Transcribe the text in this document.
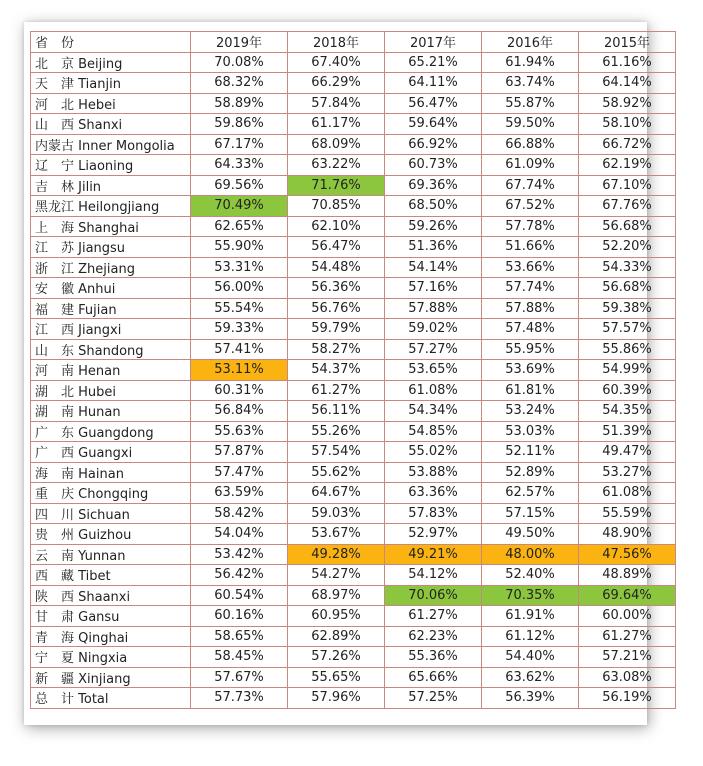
省　份	2019年	2018年	2017年	2016年	2015年
北　京 Beijing	70.08%	67.40%	65.21%	61.94%	61.16%
天　津 Tianjin	68.32%	66.29%	64.11%	63.74%	64.14%
河　北 Hebei	58.89%	57.84%	56.47%	55.87%	58.92%
山　西 Shanxi	59.86%	61.17%	59.64%	59.50%	58.10%
内蒙古 Inner Mongolia	67.17%	68.09%	66.92%	66.88%	66.72%
辽　宁 Liaoning	64.33%	63.22%	60.73%	61.09%	62.19%
吉　林 Jilin	69.56%	71.76%	69.36%	67.74%	67.10%
黑龙江 Heilongjiang	70.49%	70.85%	68.50%	67.52%	67.76%
上　海 Shanghai	62.65%	62.10%	59.26%	57.78%	56.68%
江　苏 Jiangsu	55.90%	56.47%	51.36%	51.66%	52.20%
浙　江 Zhejiang	53.31%	54.48%	54.14%	53.66%	54.33%
安　徽 Anhui	56.00%	56.36%	57.16%	57.74%	56.68%
福　建 Fujian	55.54%	56.76%	57.88%	57.88%	59.38%
江　西 Jiangxi	59.33%	59.79%	59.02%	57.48%	57.57%
山　东 Shandong	57.41%	58.27%	57.27%	55.95%	55.86%
河　南 Henan	53.11%	54.37%	53.65%	53.69%	54.99%
湖　北 Hubei	60.31%	61.27%	61.08%	61.81%	60.39%
湖　南 Hunan	56.84%	56.11%	54.34%	53.24%	54.35%
广　东 Guangdong	55.63%	55.26%	54.85%	53.03%	51.39%
广　西 Guangxi	57.87%	57.54%	55.02%	52.11%	49.47%
海　南 Hainan	57.47%	55.62%	53.88%	52.89%	53.27%
重　庆 Chongqing	63.59%	64.67%	63.36%	62.57%	61.08%
四　川 Sichuan	58.42%	59.03%	57.83%	57.15%	55.59%
贵　州 Guizhou	54.04%	53.67%	52.97%	49.50%	48.90%
云　南 Yunnan	53.42%	49.28%	49.21%	48.00%	47.56%
西　藏 Tibet	56.42%	54.27%	54.12%	52.40%	48.89%
陕　西 Shaanxi	60.54%	68.97%	70.06%	70.35%	69.64%
甘　肃 Gansu	60.16%	60.95%	61.27%	61.91%	60.00%
青　海 Qinghai	58.65%	62.89%	62.23%	61.12%	61.27%
宁　夏 Ningxia	58.45%	57.26%	55.36%	54.40%	57.21%
新　疆 Xinjiang	57.67%	55.65%	65.66%	63.62%	63.08%
总　计 Total	57.73%	57.96%	57.25%	56.39%	56.19%
